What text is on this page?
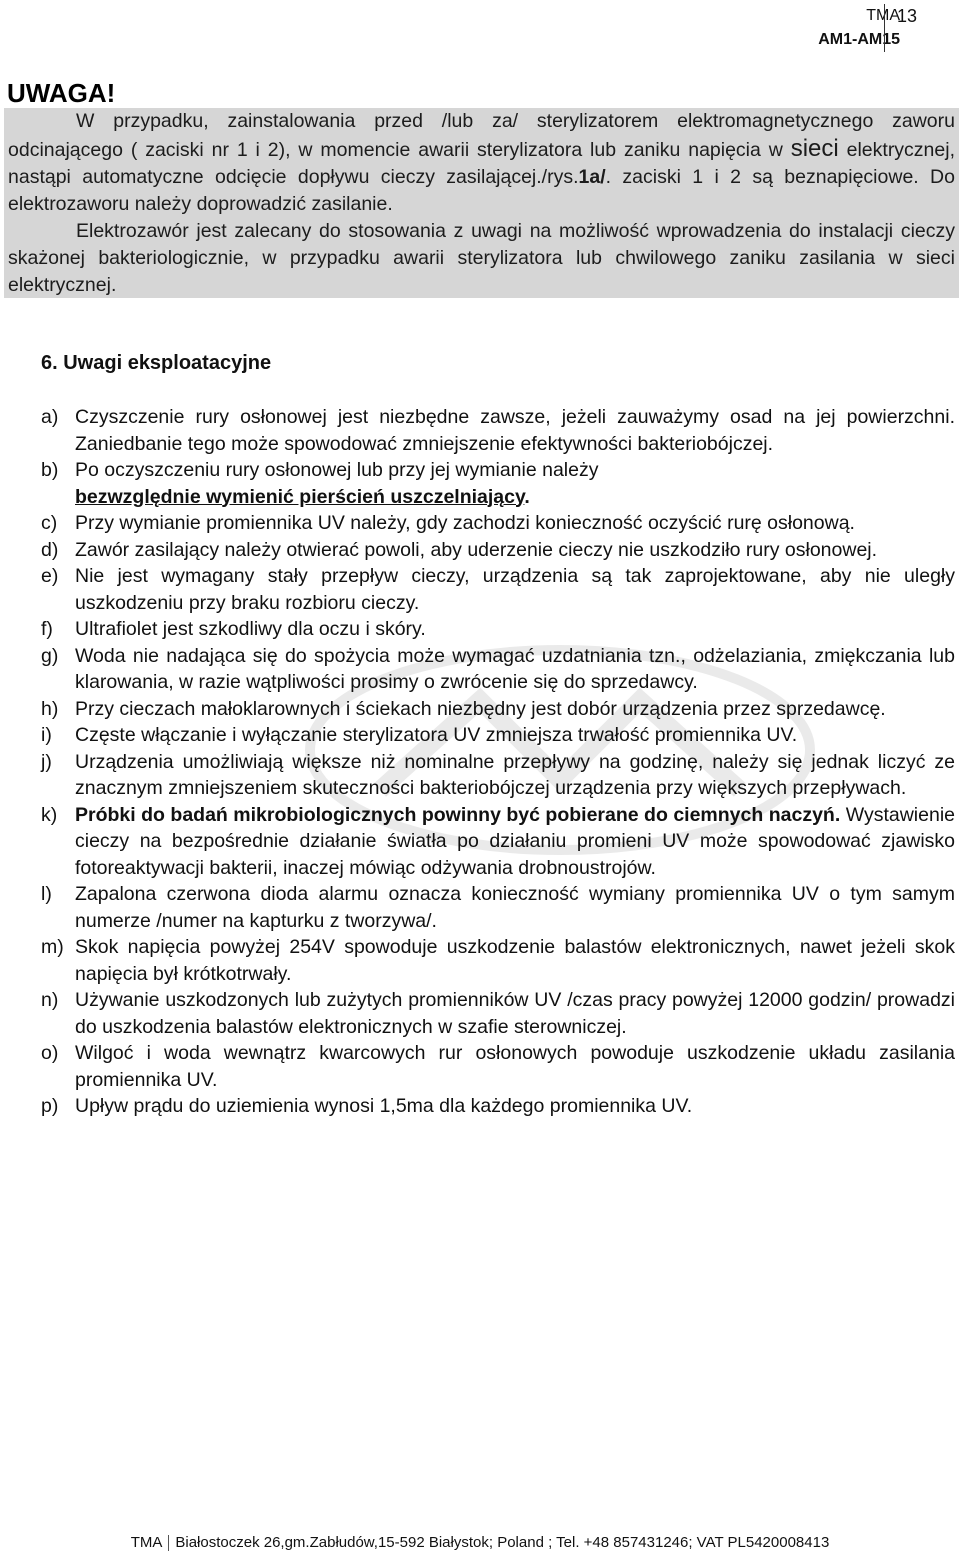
TMA
AM1-AM15
13
UWAGA!

W przypadku, zainstalowania przed /lub za/ sterylizatorem elektromagnetycznego zaworu odcinającego ( zaciski nr 1 i 2), w momencie awarii sterylizatora lub zaniku napięcia w sieci elektrycznej, nastąpi automatyczne odcięcie dopływu cieczy zasilającej./rys.1a/. zaciski 1 i 2 są beznapięciowe. Do elektrozaworu należy doprowadzić zasilanie.

Elektrozawór jest zalecany do stosowania z uwagi na możliwość wprowadzenia do instalacji cieczy skażonej bakteriologicznie, w przypadku awarii sterylizatora lub chwilowego zaniku zasilania w sieci elektrycznej.

6. Uwagi eksploatacyjne
a) Czyszczenie rury osłonowej jest niezbędne zawsze, jeżeli zauważymy osad na jej powierzchni. Zaniedbanie tego może spowodować zmniejszenie efektywności bakteriobójczej.
b) Po oczyszczeniu rury osłonowej lub przy jej wymianie należy
bezwzględnie wymienić pierścień uszczelniający.
c) Przy wymianie promiennika UV należy, gdy zachodzi konieczność oczyścić rurę osłonową.
d) Zawór zasilający należy otwierać powoli, aby uderzenie cieczy nie uszkodziło rury osłonowej.
e) Nie jest wymagany stały przepływ cieczy, urządzenia są tak zaprojektowane, aby nie uległy uszkodzeniu przy braku rozbioru cieczy.
f)	Ultrafiolet jest szkodliwy dla oczu i skóry.
g) Woda nie nadająca się do spożycia może wymagać uzdatniania tzn., odżelaziania, zmiękczania lub klarowania, w razie wątpliwości prosimy o zwrócenie się do sprzedawcy.
h) Przy cieczach małoklarownych i ściekach niezbędny jest dobór urządzenia przez sprzedawcę.
i)	Częste włączanie i wyłączanie sterylizatora UV zmniejsza trwałość promiennika UV.
j)	Urządzenia umożliwiają większe niż nominalne przepływy na godzinę, należy się jednak liczyć ze znacznym zmniejszeniem skuteczności bakteriobójczej urządzenia przy większych przepływach.
k) Próbki do badań mikrobiologicznych powinny być pobierane do ciemnych naczyń. Wystawienie cieczy na bezpośrednie działanie światła po działaniu promieni UV może spowodować zjawisko fotoreaktywacji bakterii, inaczej mówiąc odżywania drobnoustrojów.
l)	Zapalona czerwona dioda alarmu oznacza konieczność wymiany promiennika UV o tym samym numerze /numer na kapturku z tworzywa/.
m) Skok napięcia powyżej 254V spowoduje uszkodzenie balastów elektronicznych, nawet jeżeli skok napięcia był krótkotrwały.
n) Używanie uszkodzonych lub zużytych promienników UV /czas pracy powyżej 12000 godzin/ prowadzi do uszkodzenia balastów elektronicznych w szafie sterowniczej.
o) Wilgoć i woda wewnątrz kwarcowych rur osłonowych powoduje uszkodzenie układu zasilania promiennika UV.
p) Upływ prądu do uziemienia wynosi 1,5ma dla każdego promiennika UV.
TMA Białostoczek 26,gm.Zabłudów,15-592 Białystok; Poland ; Tel. +48 857431246; VAT PL5420008413
